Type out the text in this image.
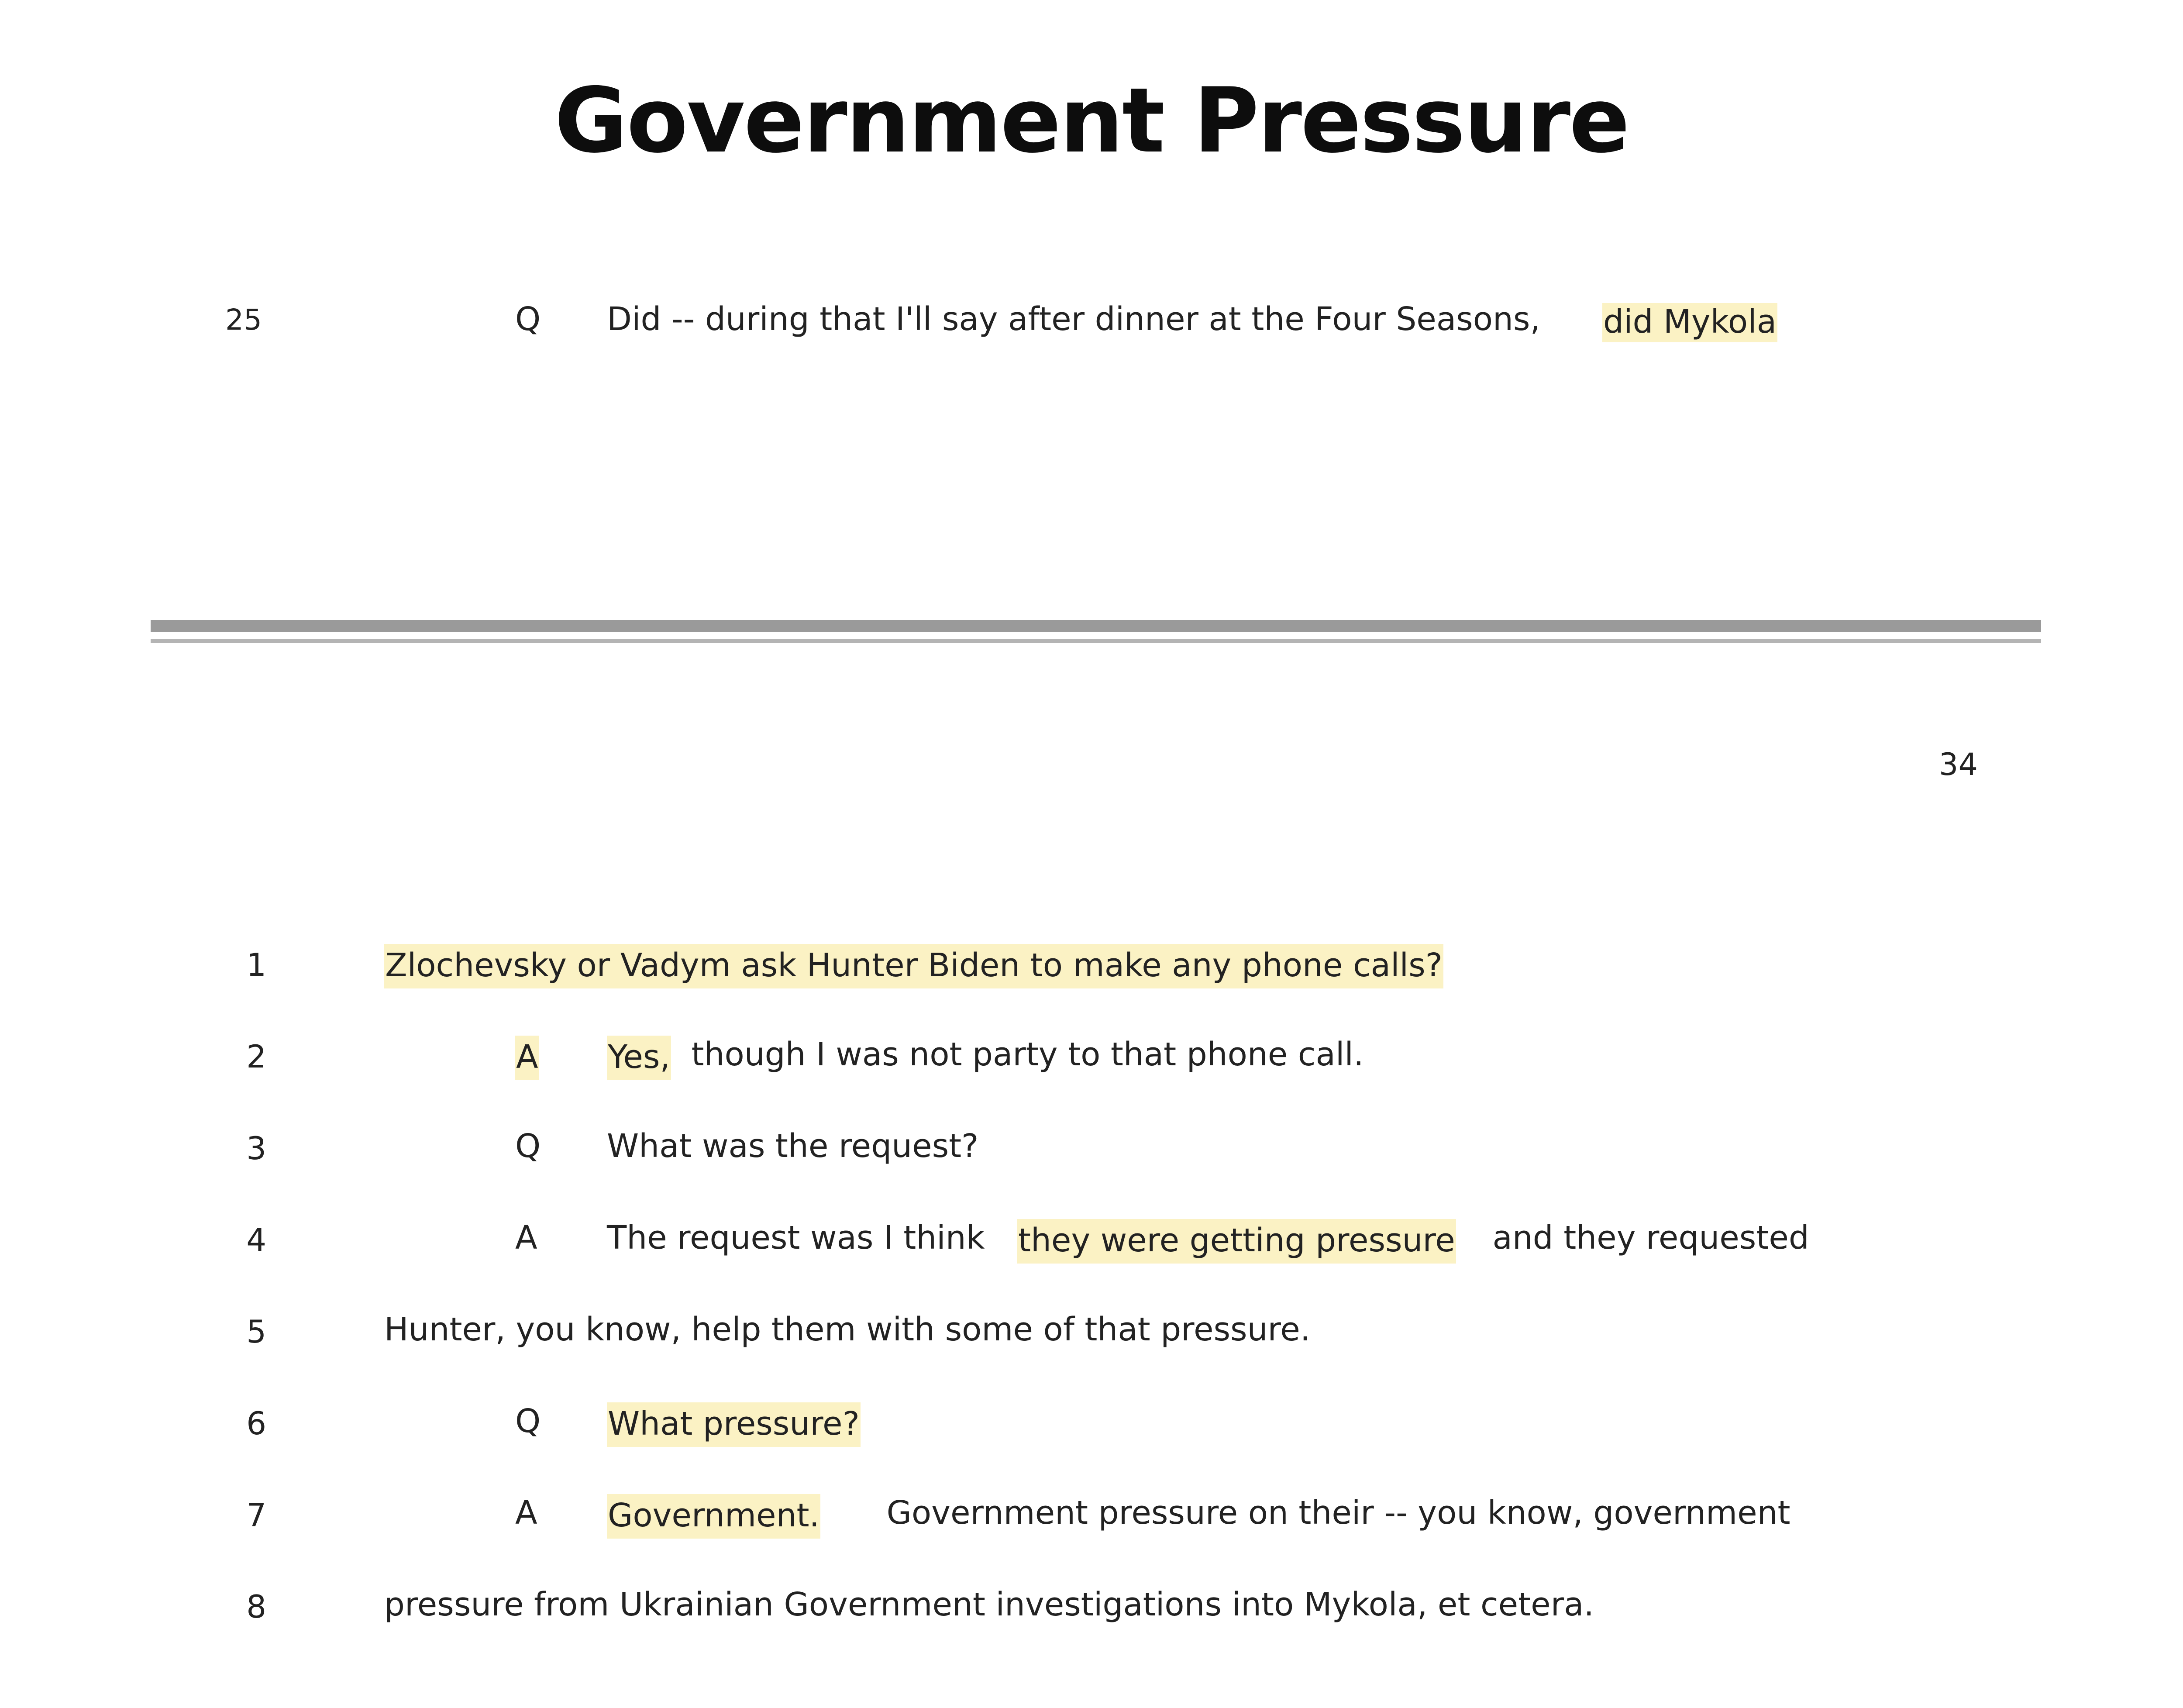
Government Pressure
25	Q Did -- during that I'll say after dinner at the Four Seasons, did Mykola
34
1	Zlochevsky or Vadym ask Hunter Biden to make any phone calls?
2	A Yes, though I was not party to that phone call.
3	Q What was the request?
4	A The request was I think they were getting pressure and they requested
5	Hunter, you know, help them with some of that pressure.
6	Q What pressure?
7	A Government. Government pressure on their -- you know, government
8	pressure from Ukrainian Government investigations into Mykola, et cetera.
